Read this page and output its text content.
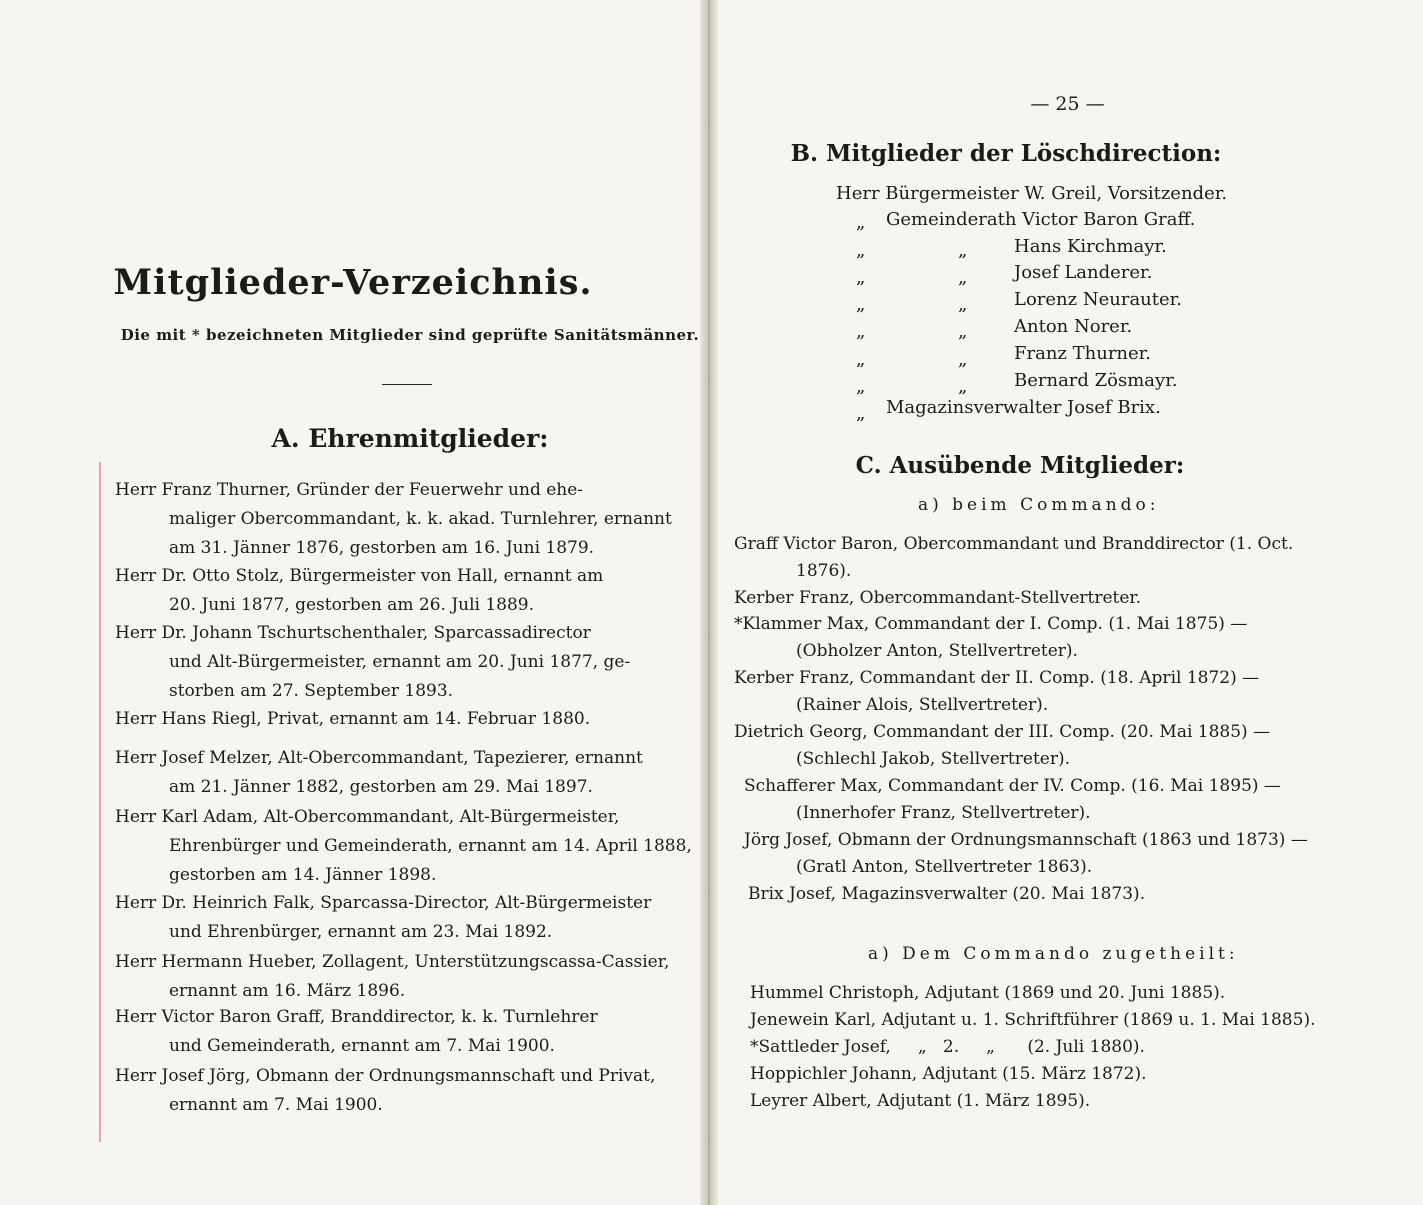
Mitglieder-Verzeichnis.
Die mit * bezeichneten Mitglieder sind geprüfte Sanitätsmänner.
A. Ehrenmitglieder:
Herr Franz Thurner, Gründer der Feuerwehr und ehe-
maliger Obercommandant, k. k. akad. Turnlehrer, ernannt
am 31. Jänner 1876, gestorben am 16. Juni 1879.
Herr Dr. Otto Stolz, Bürgermeister von Hall, ernannt am
20. Juni 1877, gestorben am 26. Juli 1889.
Herr Dr. Johann Tschurtschenthaler, Sparcassadirector
und Alt-Bürgermeister, ernannt am 20. Juni 1877, ge-
storben am 27. September 1893.
Herr Hans Riegl, Privat, ernannt am 14. Februar 1880.
Herr Josef Melzer, Alt-Obercommandant, Tapezierer, ernannt
am 21. Jänner 1882, gestorben am 29. Mai 1897.
Herr Karl Adam, Alt-Obercommandant, Alt-Bürgermeister,
Ehrenbürger und Gemeinderath, ernannt am 14. April 1888,
gestorben am 14. Jänner 1898.
Herr Dr. Heinrich Falk, Sparcassa-Director, Alt-Bürgermeister
und Ehrenbürger, ernannt am 23. Mai 1892.
Herr Hermann Hueber, Zollagent, Unterstützungscassa-Cassier,
ernannt am 16. März 1896.
Herr Victor Baron Graff, Branddirector, k. k. Turnlehrer
und Gemeinderath, ernannt am 7. Mai 1900.
Herr Josef Jörg, Obmann der Ordnungsmannschaft und Privat,
ernannt am 7. Mai 1900.
— 25 —
B. Mitglieder der Löschdirection:
Herr Bürgermeister W. Greil, Vorsitzender.
„ Gemeinderath Victor Baron Graff.
„	„	Hans Kirchmayr.
„	„	Josef Landerer.
„	„	Lorenz Neurauter.
„	„	Anton Norer.
„	„	Franz Thurner.
„	„	Bernard Zösmayr.
„ Magazinsverwalter Josef Brix.
C. Ausübende Mitglieder:
a) beim Commando:
Graff Victor Baron, Obercommandant und Branddirector (1. Oct.
1876).
Kerber Franz, Obercommandant-Stellvertreter.
*Klammer Max, Commandant der I. Comp. (1. Mai 1875) —
(Obholzer Anton, Stellvertreter).
Kerber Franz, Commandant der II. Comp. (18. April 1872) —
(Rainer Alois, Stellvertreter).
Dietrich Georg, Commandant der III. Comp. (20. Mai 1885) —
(Schlechl Jakob, Stellvertreter).
Schafferer Max, Commandant der IV. Comp. (16. Mai 1895) —
(Innerhofer Franz, Stellvertreter).
Jörg Josef, Obmann der Ordnungsmannschaft (1863 und 1873) —
(Gratl Anton, Stellvertreter 1863).
Brix Josef, Magazinsverwalter (20. Mai 1873).
a) Dem Commando zugetheilt:
Hummel Christoph, Adjutant (1869 und 20. Juni 1885).
Jenewein Karl, Adjutant u. 1. Schriftführer (1869 u. 1. Mai 1885).
*Sattleder Josef,     „   2.     „      (2. Juli 1880).
Hoppichler Johann, Adjutant (15. März 1872).
Leyrer Albert, Adjutant (1. März 1895).
